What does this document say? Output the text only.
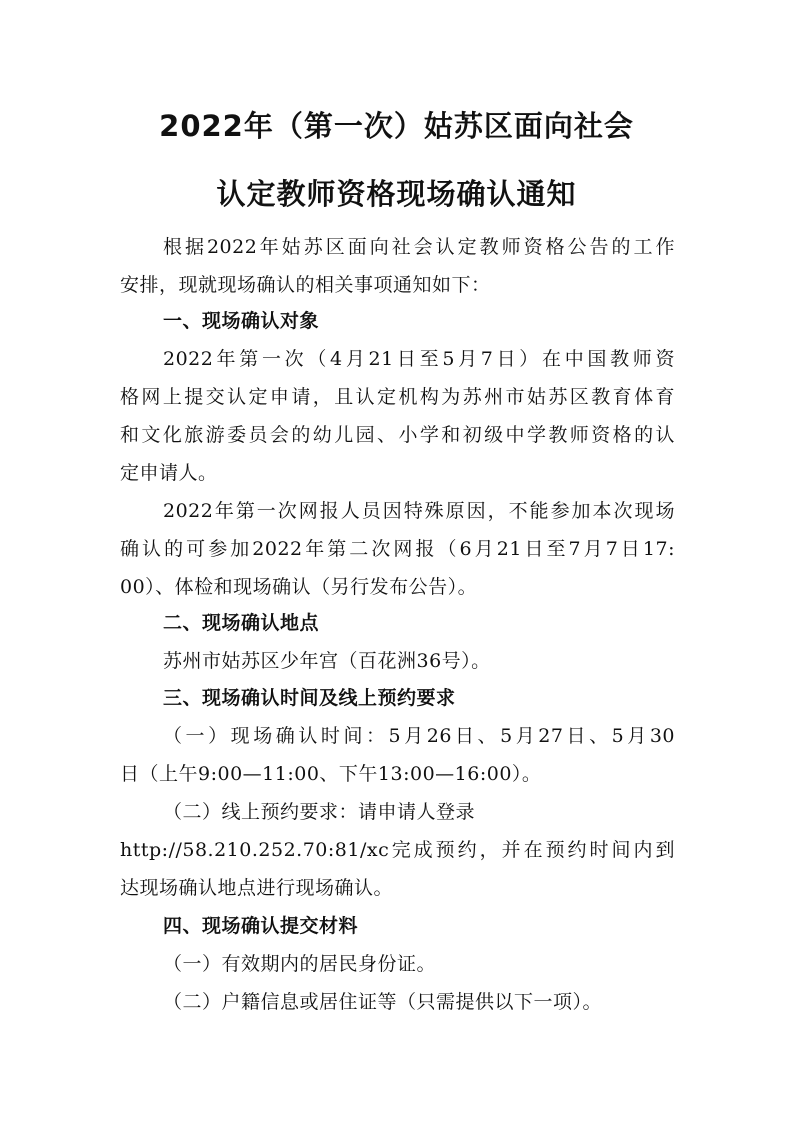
2022年（第一次）姑苏区面向社会
认定教师资格现场确认通知
根据2022年姑苏区面向社会认定教师资格公告的工作
安排，现就现场确认的相关事项通知如下：
一、现场确认对象
2022年第一次（4月21日至5月7日）在中国教师资
格网上提交认定申请，且认定机构为苏州市姑苏区教育体育
和文化旅游委员会的幼儿园、小学和初级中学教师资格的认
定申请人。
2022年第一次网报人员因特殊原因，不能参加本次现场
确认的可参加2022年第二次网报（6月21日至7月7日17:
00）、体检和现场确认（另行发布公告）。
二、现场确认地点
苏州市姑苏区少年宫（百花洲36号）。
三、现场确认时间及线上预约要求
（一）现场确认时间：5月26日、5月27日、5月30
日（上午9:00—11:00、下午13:00—16:00）。
（二）线上预约要求：请申请人登录
http://58.210.252.70:81/xc完成预约，并在预约时间内到
达现场确认地点进行现场确认。
四、现场确认提交材料
（一）有效期内的居民身份证。
（二）户籍信息或居住证等（只需提供以下一项）。
